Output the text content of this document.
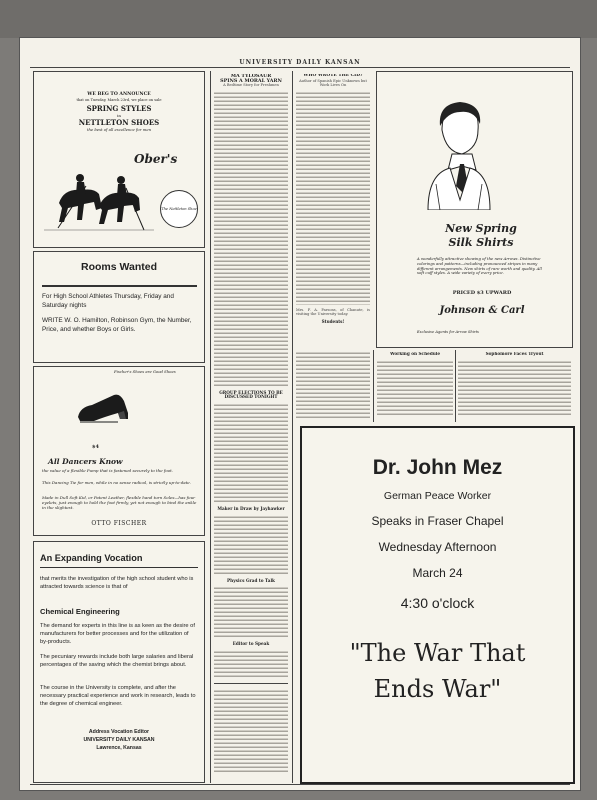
UNIVERSITY DAILY KANSAN
WE BEG TO ANNOUNCE
that on Tuesday, March 23rd, we place on sale
SPRING STYLES
in
NETTLETON SHOES
the best of all excellence for men
Ober's
The Nettleton Shoe
Rooms Wanted
For High School Athletes Thursday, Friday and Saturday nights
WRITE W. O. Hamilton, Robinson Gym, the Number, Price, and whether Boys or Girls.
Fischer's Shoes are Good Shoes
$4
All Dancers Know
the value of a flexible Pump that is fastened securely to the foot.
This Dancing Tie for men, while in no sense radical, is strictly up-to-date.
Made in Dull Soft Kid, or Patent Leather, flexible hand turn Soles—has four eyelets, just enough to hold the foot firmly, yet not enough to bind the ankle in the slightest.
OTTO FISCHER
An Expanding Vocation
that merits the investigation of the high school student who is attracted towards science is that of
Chemical Engineering
The demand for experts in this line is as keen as the desire of manufacturers for better processes and for the utilization of by-products.
The pecuniary rewards include both large salaries and liberal percentages of the saving which the chemist brings about.
The course in the University is complete, and after the necessary practical experience and work in research, leads to the degree of chemical engineer.
Address Vocation Editor
UNIVERSITY DAILY KANSAN
Lawrence, Kansas
MA TYLOSAUR
SPINS A MORAL YARN
A Bedtime Story for Freshmen
GROUP ELECTIONS TO BE DISCUSSED TONIGHT
Maker in Draw by Jayhawker
Physics Grad to Talk
Editor to Speak
WHO WROTE THE CID?
Author of Spanish Epic Unknown but Work Lives On
Mrs. F. A. Parsons, of Chanute, is visiting the University today.
Students!
Working on Schedule
New Spring
Silk Shirts
A wonderfully attractive showing of the new Arrows. Distinctive colorings and patterns—including pronounced stripes in many different arrangements. New shirts of rare worth and quality. All soft cuff styles. A wide variety of every price.
PRICED $3 UPWARD
Johnson & Carl
Exclusive Agents for Arrow Shirts
Sophomore Faces Tryout
Dr. John Mez
German Peace Worker
Speaks in Fraser Chapel
Wednesday Afternoon
March 24
4:30 o'clock
"The War That
Ends War"
